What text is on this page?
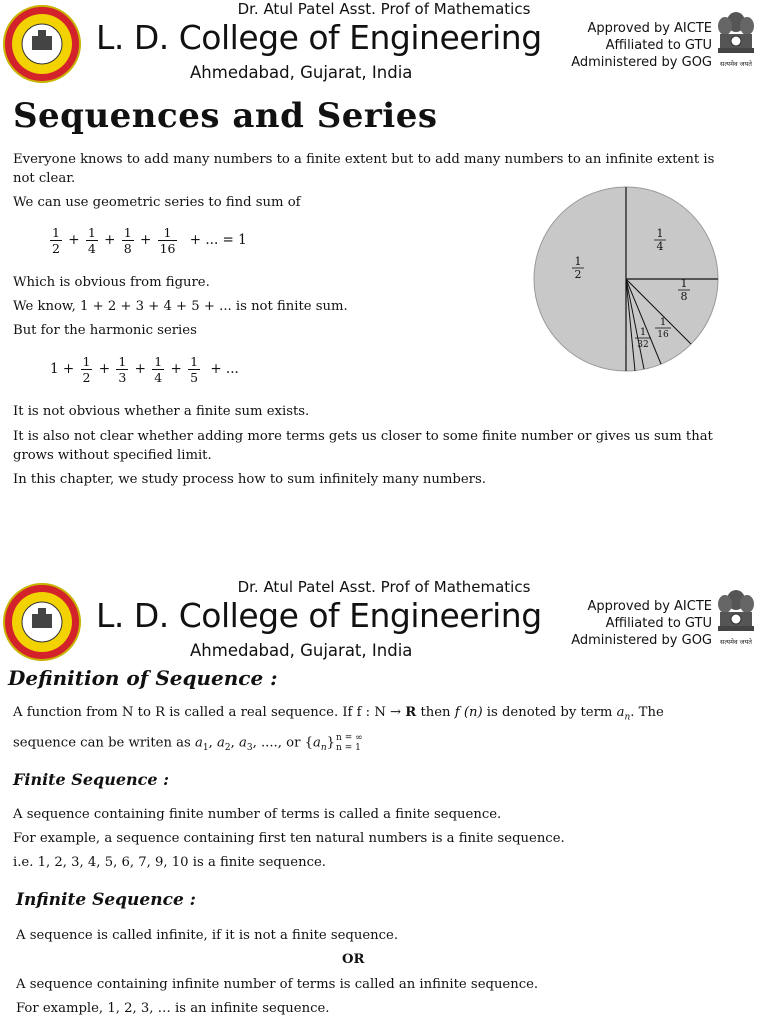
Dr. Atul Patel Asst. Prof of Mathematics
L. D. College of Engineering
Ahmedabad, Gujarat, India
Approved by AICTE
Affiliated to GTU
Administered by GOG सत्यमेव जयते
Sequences and Series
Everyone knows to add many numbers to a finite extent but to add many numbers to an infinite extent is not clear.
We can use geometric series to find sum of
$\frac{1}{2} + \frac{1}{4} + \frac{1}{8} + \frac{1}{16}$ + ... = 1
Which is obvious from figure.
We know, 1 + 2 + 3 + 4 + 5 + ... is not finite sum.
But for the harmonic series
$1 + \frac{1}{2} + \frac{1}{3} + \frac{1}{4} + \frac{1}{5}$ + ...
It is not obvious whether a finite sum exists.
It is also not clear whether adding more terms gets us closer to some finite number or gives us sum that grows without specified limit.
In this chapter, we study process how to sum infinitely many numbers.
1
2
1
4
1
8
1
16
1
32
Dr. Atul Patel Asst. Prof of Mathematics
L. D. College of Engineering
Ahmedabad, Gujarat, India
Approved by AICTE
Affiliated to GTU
Administered by GOG सत्यमेव जयते
Definition of Sequence :
A function from N to R is called a real sequence. If f : N → R then f (n) is denoted by term $a_n$. The
sequence can be writen as $a_1$, $a_2$, $a_3$, ...., or $\{a_n\} n$ = ∞
n = 1
Finite Sequence :
A sequence containing finite number of terms is called a finite sequence.
For example, a sequence containing first ten natural numbers is a finite sequence.
i.e. 1, 2, 3, 4, 5, 6, 7, 9, 10 is a finite sequence.
Infinite Sequence :
A sequence is called infinite, if it is not a finite sequence.
OR
A sequence containing infinite number of terms is called an infinite sequence.
For example, 1, 2, 3, … is an infinite sequence.
